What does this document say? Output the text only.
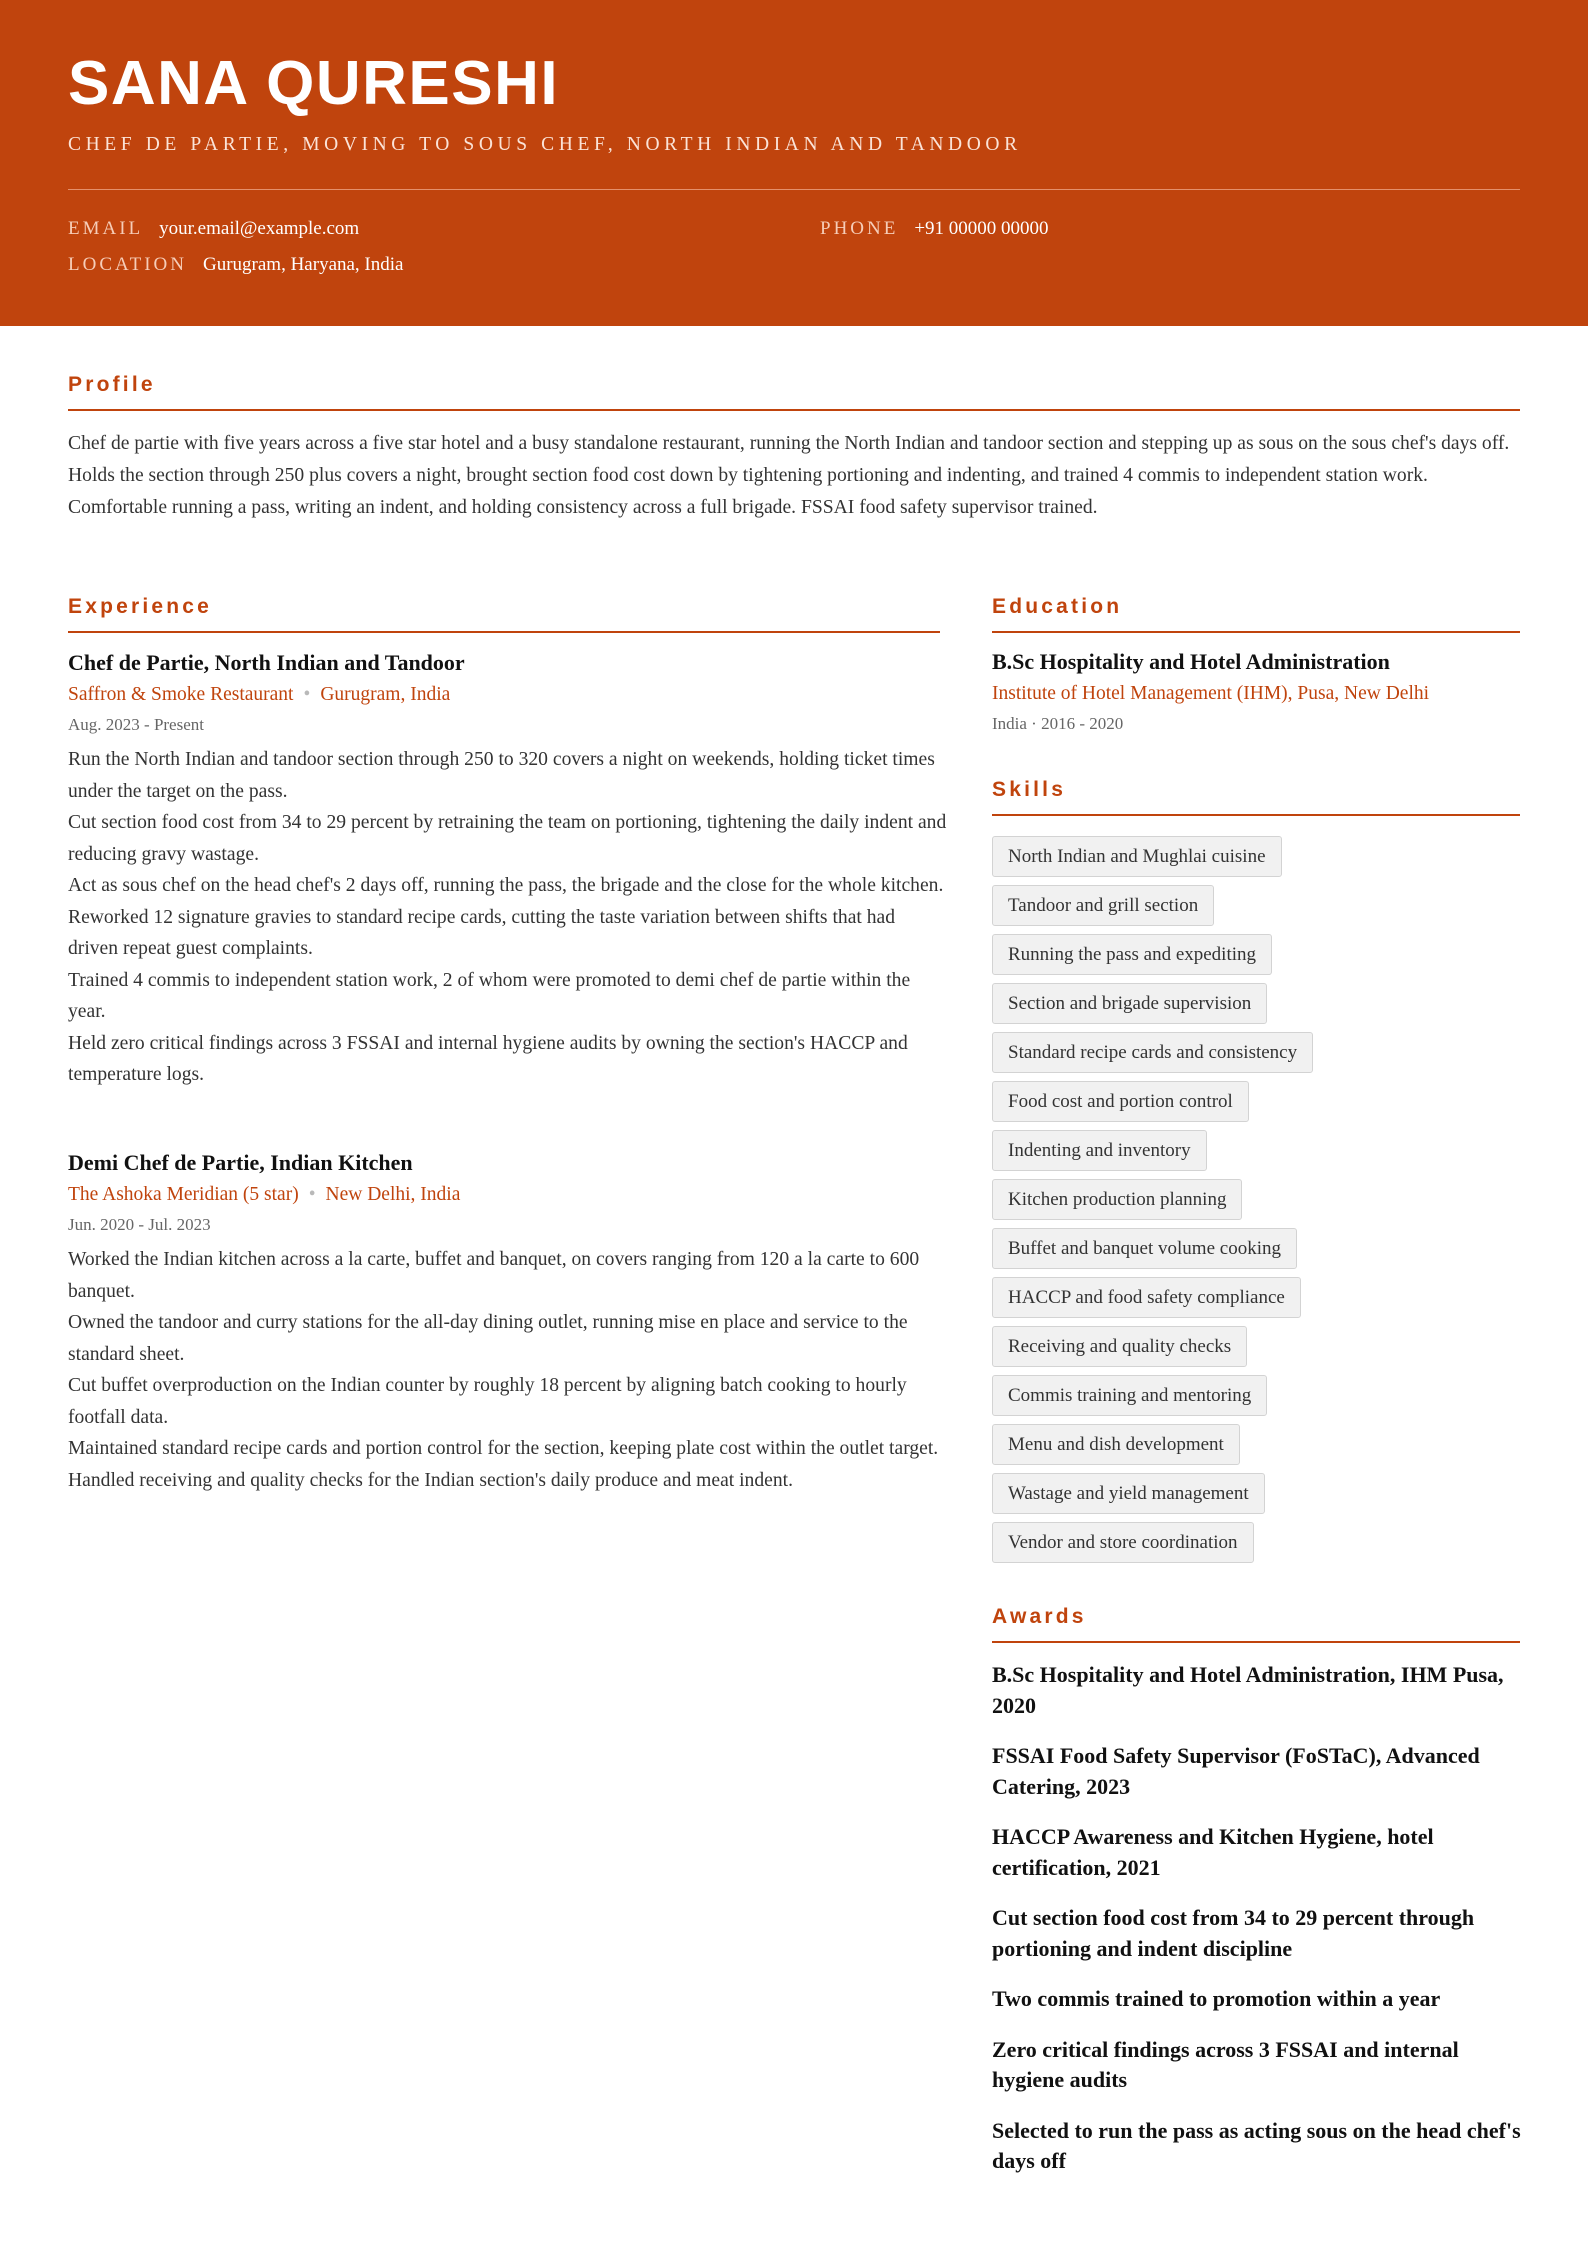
SANA QURESHI
CHEF DE PARTIE, MOVING TO SOUS CHEF, NORTH INDIAN AND TANDOOR
EMAIL your.email@example.com	PHONE +91 00000 00000
LOCATION Gurugram, Haryana, India
Profile
Chef de partie with five years across a five star hotel and a busy standalone restaurant, running the North Indian and tandoor section and stepping up as sous on the sous chef's days off. Holds the section through 250 plus covers a night, brought section food cost down by tightening portioning and indenting, and trained 4 commis to independent station work. Comfortable running a pass, writing an indent, and holding consistency across a full brigade. FSSAI food safety supervisor trained.
Experience
Chef de Partie, North Indian and Tandoor
Saffron & Smoke Restaurant • Gurugram, India
Aug. 2023 - Present
Run the North Indian and tandoor section through 250 to 320 covers a night on weekends, holding ticket times under the target on the pass.
Cut section food cost from 34 to 29 percent by retraining the team on portioning, tightening the daily indent and reducing gravy wastage.
Act as sous chef on the head chef's 2 days off, running the pass, the brigade and the close for the whole kitchen.
Reworked 12 signature gravies to standard recipe cards, cutting the taste variation between shifts that had driven repeat guest complaints.
Trained 4 commis to independent station work, 2 of whom were promoted to demi chef de partie within the year.
Held zero critical findings across 3 FSSAI and internal hygiene audits by owning the section's HACCP and temperature logs.
Demi Chef de Partie, Indian Kitchen
The Ashoka Meridian (5 star) • New Delhi, India
Jun. 2020 - Jul. 2023
Worked the Indian kitchen across a la carte, buffet and banquet, on covers ranging from 120 a la carte to 600 banquet.
Owned the tandoor and curry stations for the all-day dining outlet, running mise en place and service to the standard sheet.
Cut buffet overproduction on the Indian counter by roughly 18 percent by aligning batch cooking to hourly footfall data.
Maintained standard recipe cards and portion control for the section, keeping plate cost within the outlet target.
Handled receiving and quality checks for the Indian section's daily produce and meat indent.
Education
B.Sc Hospitality and Hotel Administration
Institute of Hotel Management (IHM), Pusa, New Delhi
India · 2016 - 2020
Skills
North Indian and Mughlai cuisine
Tandoor and grill section
Running the pass and expediting
Section and brigade supervision
Standard recipe cards and consistency
Food cost and portion control
Indenting and inventory
Kitchen production planning
Buffet and banquet volume cooking
HACCP and food safety compliance
Receiving and quality checks
Commis training and mentoring
Menu and dish development
Wastage and yield management
Vendor and store coordination
Awards
B.Sc Hospitality and Hotel Administration, IHM Pusa, 2020
FSSAI Food Safety Supervisor (FoSTaC), Advanced Catering, 2023
HACCP Awareness and Kitchen Hygiene, hotel certification, 2021
Cut section food cost from 34 to 29 percent through portioning and indent discipline
Two commis trained to promotion within a year
Zero critical findings across 3 FSSAI and internal hygiene audits
Selected to run the pass as acting sous on the head chef's days off
